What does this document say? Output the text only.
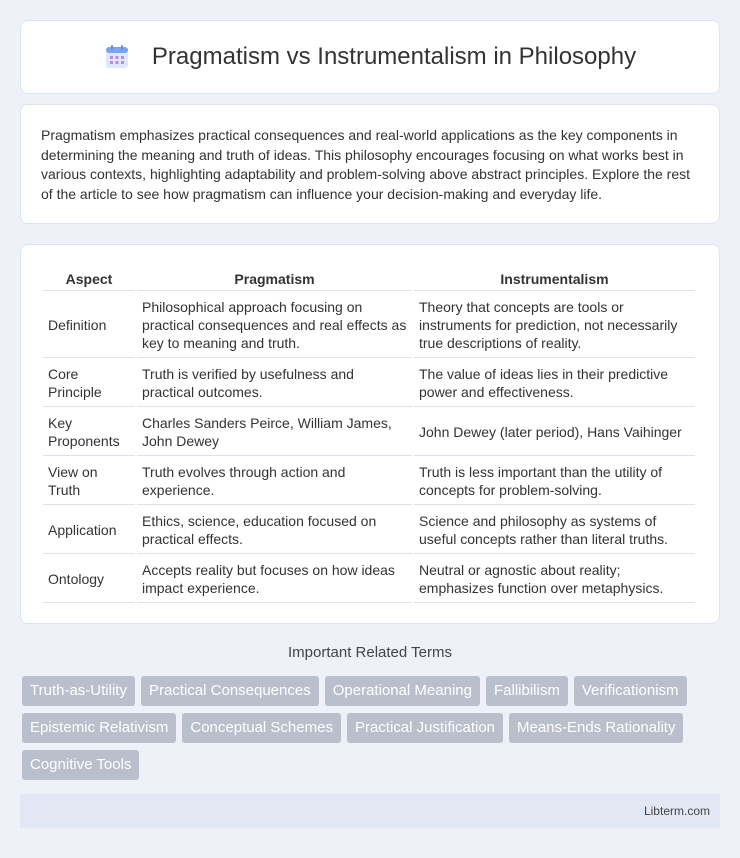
Pragmatism vs Instrumentalism in Philosophy

Pragmatism emphasizes practical consequences and real-world applications as the key components in determining the meaning and truth of ideas. This philosophy encourages focusing on what works best in various contexts, highlighting adaptability and problem-solving above abstract principles. Explore the rest of the article to see how pragmatism can influence your decision-making and everyday life.

Aspect	Pragmatism	Instrumentalism
Definition	Philosophical approach focusing on practical consequences and real effects as key to meaning and truth.	Theory that concepts are tools or instruments for prediction, not necessarily true descriptions of reality.
Core Principle	Truth is verified by usefulness and practical outcomes.	The value of ideas lies in their predictive power and effectiveness.
Key Proponents	Charles Sanders Peirce, William James, John Dewey	John Dewey (later period), Hans Vaihinger
View on Truth	Truth evolves through action and experience.	Truth is less important than the utility of concepts for problem-solving.
Application	Ethics, science, education focused on practical effects.	Science and philosophy as systems of useful concepts rather than literal truths.
Ontology	Accepts reality but focuses on how ideas impact experience.	Neutral or agnostic about reality; emphasizes function over metaphysics.
Important Related Terms
Truth-as-Utility	Practical Consequences	Operational Meaning	Fallibilism	Verificationism
Epistemic Relativism	Conceptual Schemes	Practical Justification	Means-Ends Rationality
Cognitive Tools
Libterm.com
